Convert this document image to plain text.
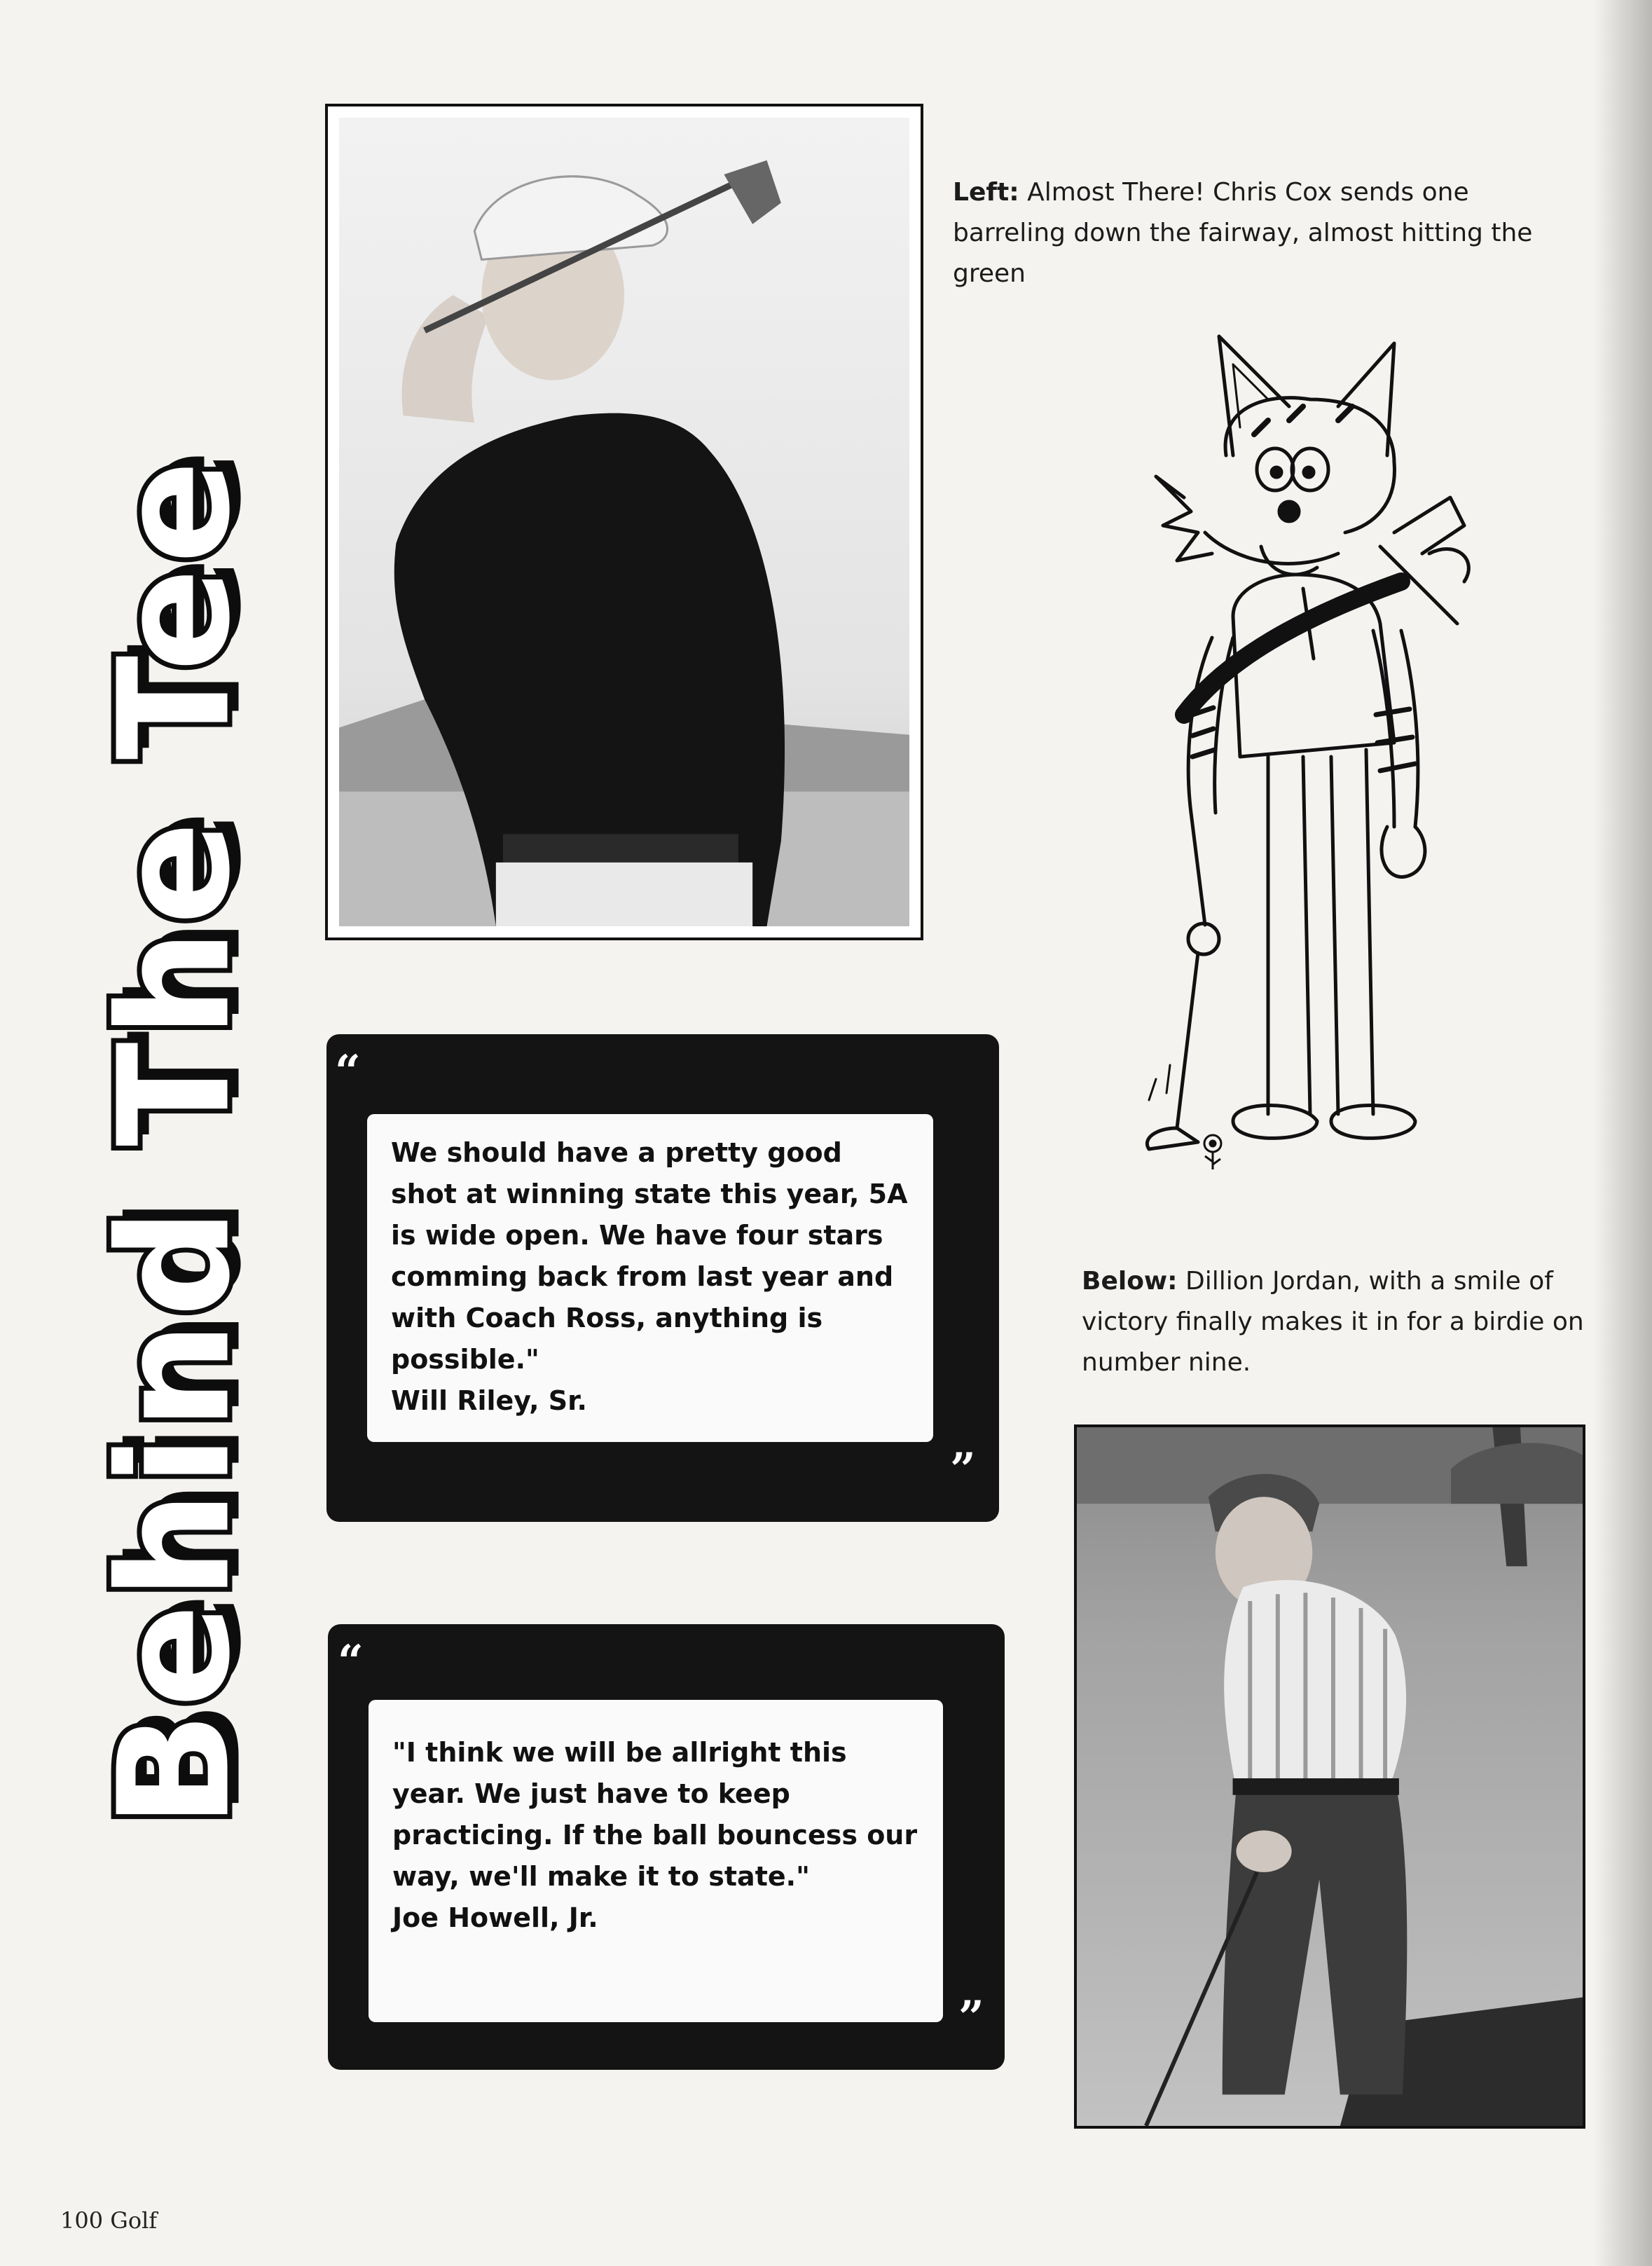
Behind The Tee
Left: Almost There! Chris Cox sends one barreling down the fairway, almost hitting the green
Below: Dillion Jordan, with a smile of victory finally makes it in for a birdie on number nine.
“
We should have a pretty good shot at winning state this year, 5A is wide open. We have four stars comming back from last year and with Coach Ross, anything is possible."
Will Riley, Sr.
”
“
"I think we will be allright this year. We just have to keep practicing. If the ball bouncess our way, we'll make it to state."
Joe Howell, Jr.
”
100 Golf
